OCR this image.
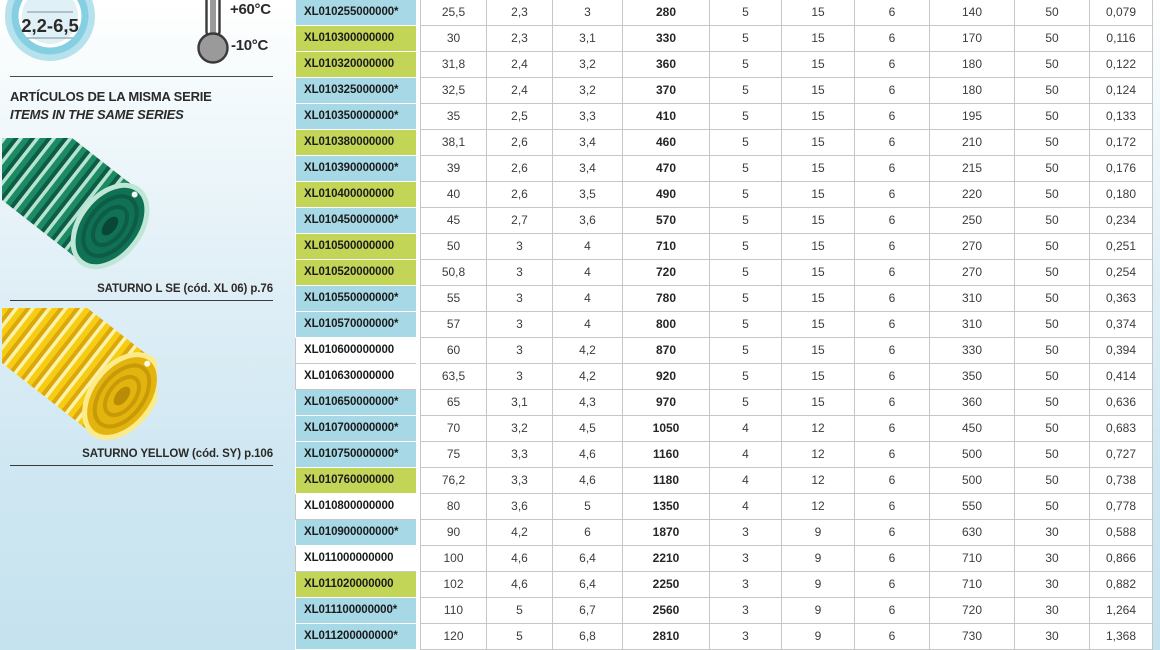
2,2-6,5
+60°C
-10°C
ARTÍCULOS DE LA MISMA SERIE
ITEMS IN THE SAME SERIES
SATURNO L SE (cód. XL 06) p.76
SATURNO YELLOW (cód. SY) p.106
XL010255000000*	25,5	2,3	3	280	5	15	6	140	50	0,079
XL010300000000	30	2,3	3,1	330	5	15	6	170	50	0,116
XL010320000000	31,8	2,4	3,2	360	5	15	6	180	50	0,122
XL010325000000*	32,5	2,4	3,2	370	5	15	6	180	50	0,124
XL010350000000*	35	2,5	3,3	410	5	15	6	195	50	0,133
XL010380000000	38,1	2,6	3,4	460	5	15	6	210	50	0,172
XL010390000000*	39	2,6	3,4	470	5	15	6	215	50	0,176
XL010400000000	40	2,6	3,5	490	5	15	6	220	50	0,180
XL010450000000*	45	2,7	3,6	570	5	15	6	250	50	0,234
XL010500000000	50	3	4	710	5	15	6	270	50	0,251
XL010520000000	50,8	3	4	720	5	15	6	270	50	0,254
XL010550000000*	55	3	4	780	5	15	6	310	50	0,363
XL010570000000*	57	3	4	800	5	15	6	310	50	0,374
XL010600000000	60	3	4,2	870	5	15	6	330	50	0,394
XL010630000000	63,5	3	4,2	920	5	15	6	350	50	0,414
XL010650000000*	65	3,1	4,3	970	5	15	6	360	50	0,636
XL010700000000*	70	3,2	4,5	1050	4	12	6	450	50	0,683
XL010750000000*	75	3,3	4,6	1160	4	12	6	500	50	0,727
XL010760000000	76,2	3,3	4,6	1180	4	12	6	500	50	0,738
XL010800000000	80	3,6	5	1350	4	12	6	550	50	0,778
XL010900000000*	90	4,2	6	1870	3	9	6	630	30	0,588
XL011000000000	100	4,6	6,4	2210	3	9	6	710	30	0,866
XL011020000000	102	4,6	6,4	2250	3	9	6	710	30	0,882
XL011100000000*	110	5	6,7	2560	3	9	6	720	30	1,264
XL011200000000*	120	5	6,8	2810	3	9	6	730	30	1,368
